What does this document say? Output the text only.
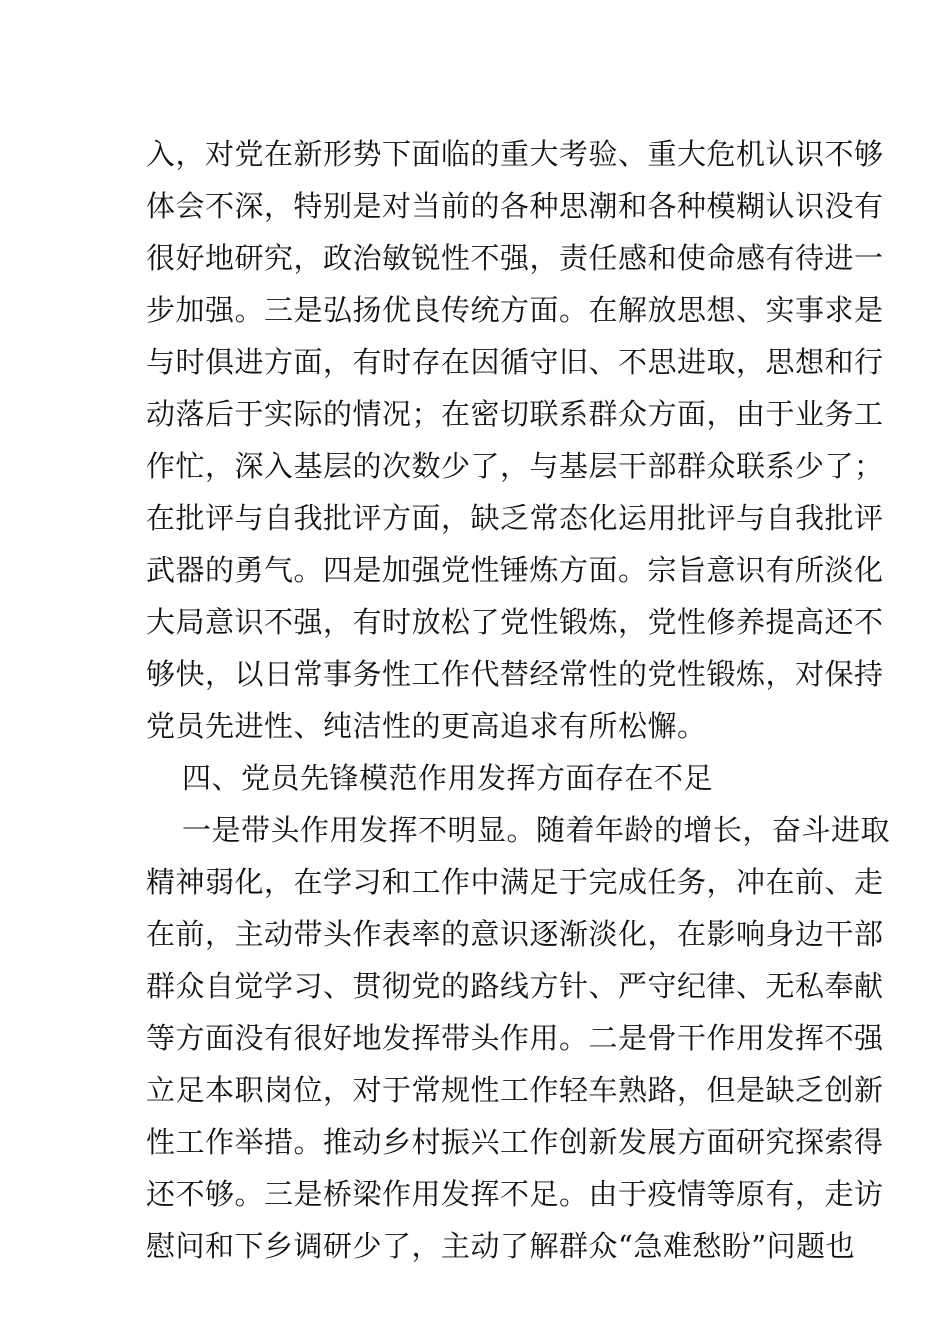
入，对党在新形势下面临的重大考验、重大危机认识不够
体会不深，特别是对当前的各种思潮和各种模糊认识没有
很好地研究，政治敏锐性不强，责任感和使命感有待进一
步加强。三是弘扬优良传统方面。在解放思想、实事求是
与时俱进方面，有时存在因循守旧、不思进取，思想和行
动落后于实际的情况；在密切联系群众方面，由于业务工
作忙，深入基层的次数少了，与基层干部群众联系少了；
在批评与自我批评方面，缺乏常态化运用批评与自我批评
武器的勇气。四是加强党性锤炼方面。宗旨意识有所淡化
大局意识不强，有时放松了党性锻炼，党性修养提高还不
够快，以日常事务性工作代替经常性的党性锻炼，对保持
党员先进性、纯洁性的更高追求有所松懈。
四、党员先锋模范作用发挥方面存在不足
一是带头作用发挥不明显。随着年龄的增长，奋斗进取
精神弱化，在学习和工作中满足于完成任务，冲在前、走
在前，主动带头作表率的意识逐渐淡化，在影响身边干部
群众自觉学习、贯彻党的路线方针、严守纪律、无私奉献
等方面没有很好地发挥带头作用。二是骨干作用发挥不强
立足本职岗位，对于常规性工作轻车熟路，但是缺乏创新
性工作举措。推动乡村振兴工作创新发展方面研究探索得
还不够。三是桥梁作用发挥不足。由于疫情等原有，走访
慰问和下乡调研少了，主动了解群众“急难愁盼”问题也
